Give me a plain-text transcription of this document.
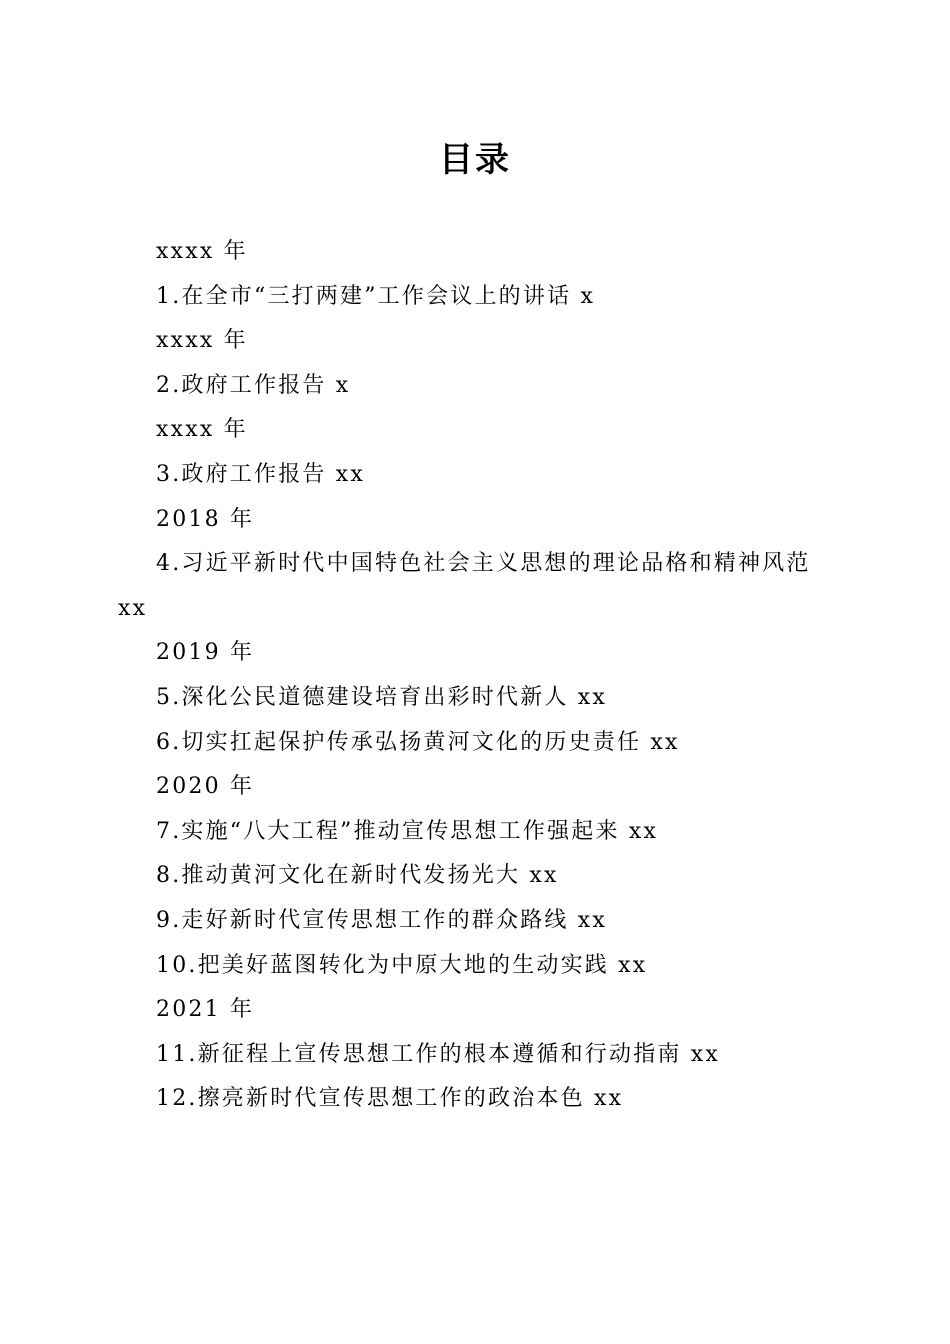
目录
xxxx 年
1.在全市“三打两建”工作会议上的讲话 x
xxxx 年
2.政府工作报告 x
xxxx 年
3.政府工作报告 xx
2018 年
4.习近平新时代中国特色社会主义思想的理论品格和精神风范 xx
2019 年
5.深化公民道德建设培育出彩时代新人 xx
6.切实扛起保护传承弘扬黄河文化的历史责任 xx
2020 年
7.实施“八大工程”推动宣传思想工作强起来 xx
8.推动黄河文化在新时代发扬光大 xx
9.走好新时代宣传思想工作的群众路线 xx
10.把美好蓝图转化为中原大地的生动实践 xx
2021 年
11.新征程上宣传思想工作的根本遵循和行动指南 xx
12.擦亮新时代宣传思想工作的政治本色 xx
